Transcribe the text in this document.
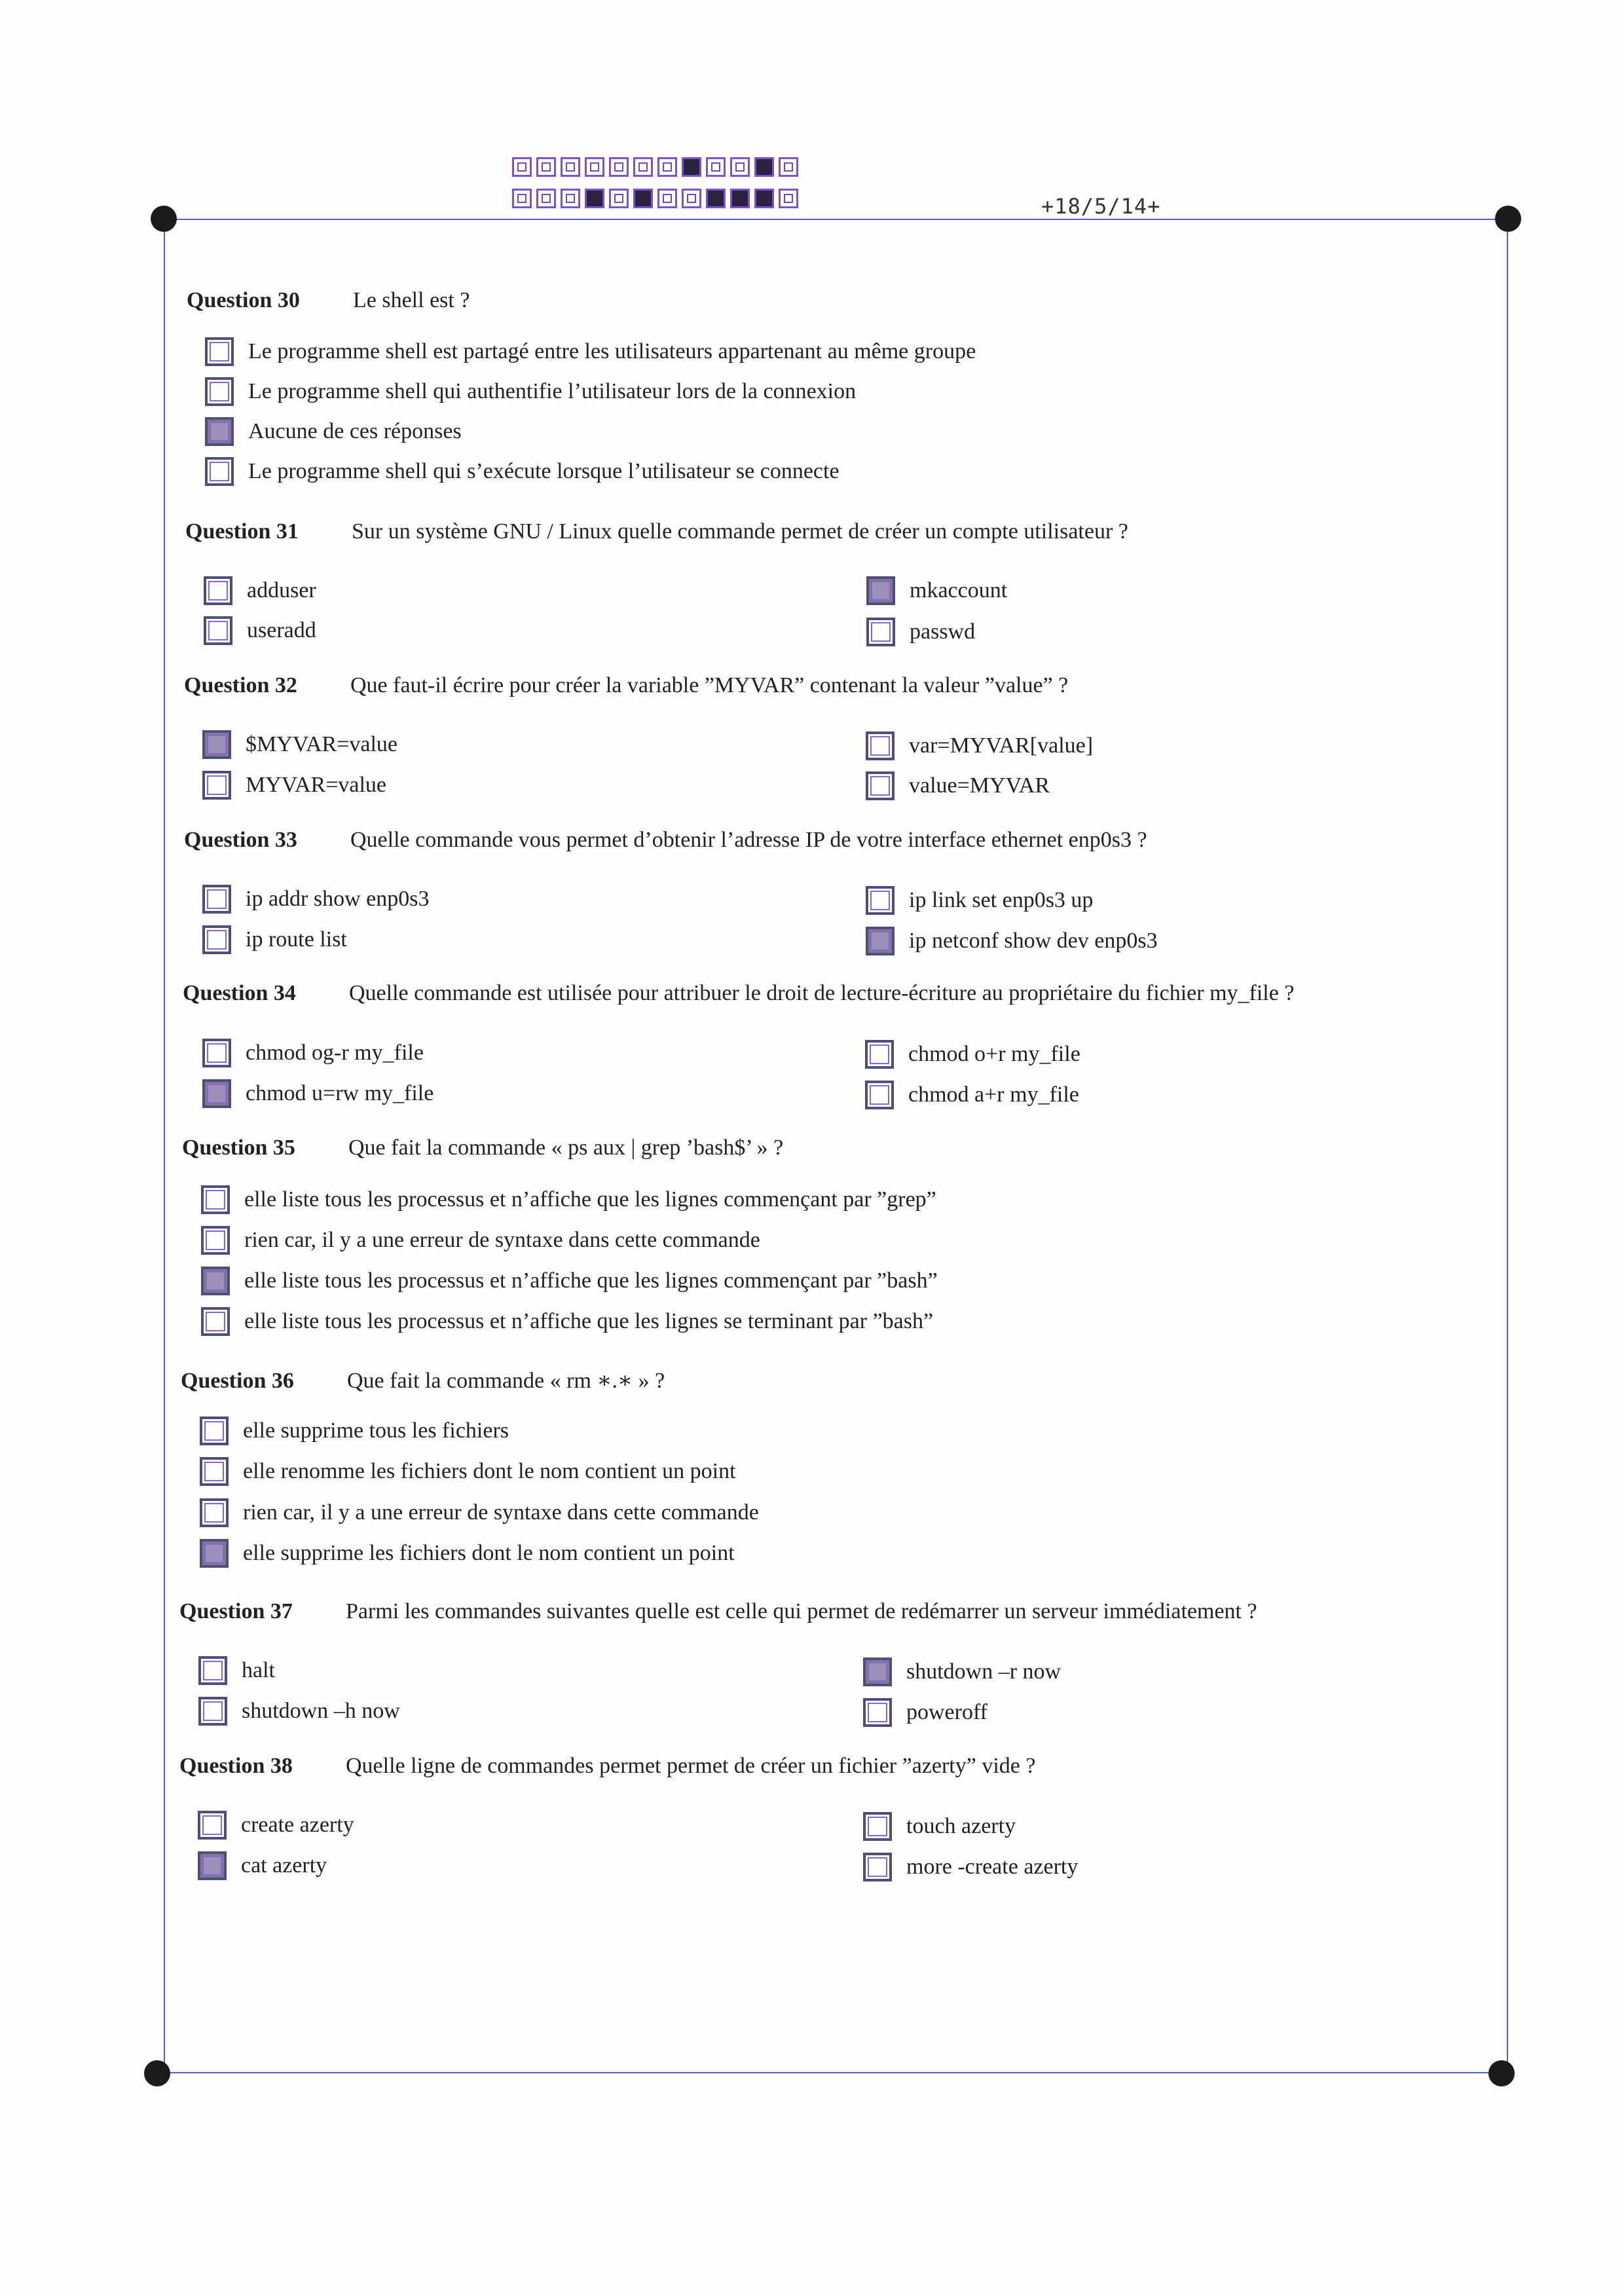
+18/5/14+
Question 30 Le shell est ?
Le programme shell est partagé entre les utilisateurs appartenant au même groupe
Le programme shell qui authentifie l’utilisateur lors de la connexion
Aucune de ces réponses
Le programme shell qui s’exécute lorsque l’utilisateur se connecte
Question 31 Sur un système GNU / Linux quelle commande permet de créer un compte utilisateur ?
adduser
useradd
mkaccount
passwd
Question 32 Que faut-il écrire pour créer la variable ”MYVAR” contenant la valeur ”value” ?
$MYVAR=value
MYVAR=value
var=MYVAR[value]
value=MYVAR
Question 33 Quelle commande vous permet d’obtenir l’adresse IP de votre interface ethernet enp0s3 ?
ip addr show enp0s3
ip route list
ip link set enp0s3 up
ip netconf show dev enp0s3
Question 34 Quelle commande est utilisée pour attribuer le droit de lecture-écriture au propriétaire du fichier my_file ?
chmod og-r my_file
chmod u=rw my_file
chmod o+r my_file
chmod a+r my_file
Question 35 Que fait la commande « ps aux | grep ’bash$’ » ?
elle liste tous les processus et n’affiche que les lignes commençant par ”grep”
rien car, il y a une erreur de syntaxe dans cette commande
elle liste tous les processus et n’affiche que les lignes commençant par ”bash”
elle liste tous les processus et n’affiche que les lignes se terminant par ”bash”
Question 36 Que fait la commande « rm ∗.∗ » ?
elle supprime tous les fichiers
elle renomme les fichiers dont le nom contient un point
rien car, il y a une erreur de syntaxe dans cette commande
elle supprime les fichiers dont le nom contient un point
Question 37 Parmi les commandes suivantes quelle est celle qui permet de redémarrer un serveur immédiatement ?
halt
shutdown –h now
shutdown –r now
poweroff
Question 38 Quelle ligne de commandes permet permet de créer un fichier ”azerty” vide ?
create azerty
cat azerty
touch azerty
more -create azerty
